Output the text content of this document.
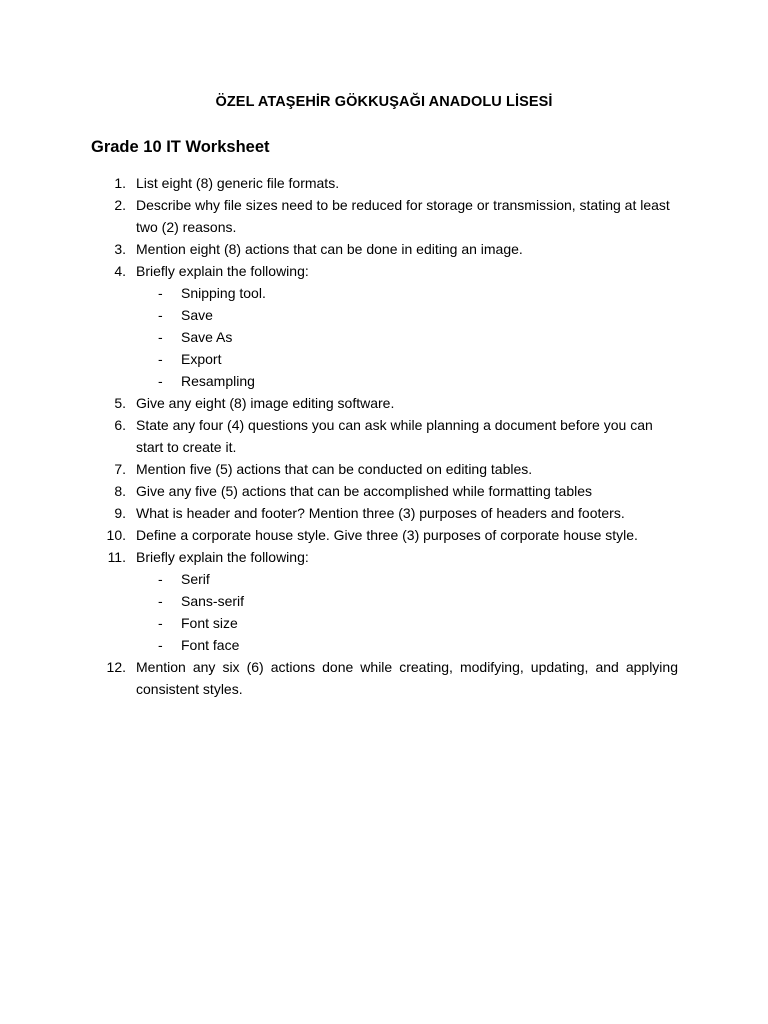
ÖZEL ATAŞEHİR GÖKKUŞAĞI ANADOLU LİSESİ
Grade 10 IT Worksheet
1. List eight (8) generic file formats.
2. Describe why file sizes need to be reduced for storage or transmission, stating at least two (2) reasons.
3. Mention eight (8) actions that can be done in editing an image.
4. Briefly explain the following:
- Snipping tool.
- Save
- Save As
- Export
- Resampling
5. Give any eight (8) image editing software.
6. State any four (4) questions you can ask while planning a document before you can start to create it.
7. Mention five (5) actions that can be conducted on editing tables.
8. Give any five (5) actions that can be accomplished while formatting tables
9. What is header and footer? Mention three (3) purposes of headers and footers.
10. Define a corporate house style. Give three (3) purposes of corporate house style.
11. Briefly explain the following:
- Serif
- Sans-serif
- Font size
- Font face
12. Mention any six (6) actions done while creating, modifying, updating, and applying consistent styles.
